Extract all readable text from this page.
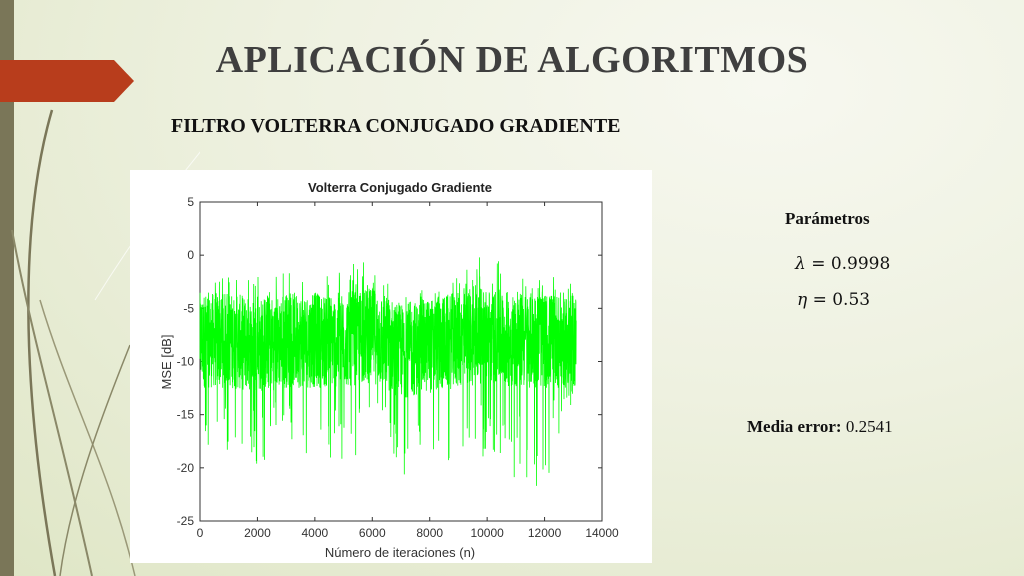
APLICACIÓN DE ALGORITMOS
FILTRO VOLTERRA CONJUGADO GRADIENTE
Volterra Conjugado Gradiente
0	2000	4000	6000	8000 10000 12000 14000
5
0
-5
-10
-15
-20
-25
Número de iteraciones (n)
MSE [dB]
Parámetros
λ = 0.9998
η = 0.53
Media error: 0.2541
